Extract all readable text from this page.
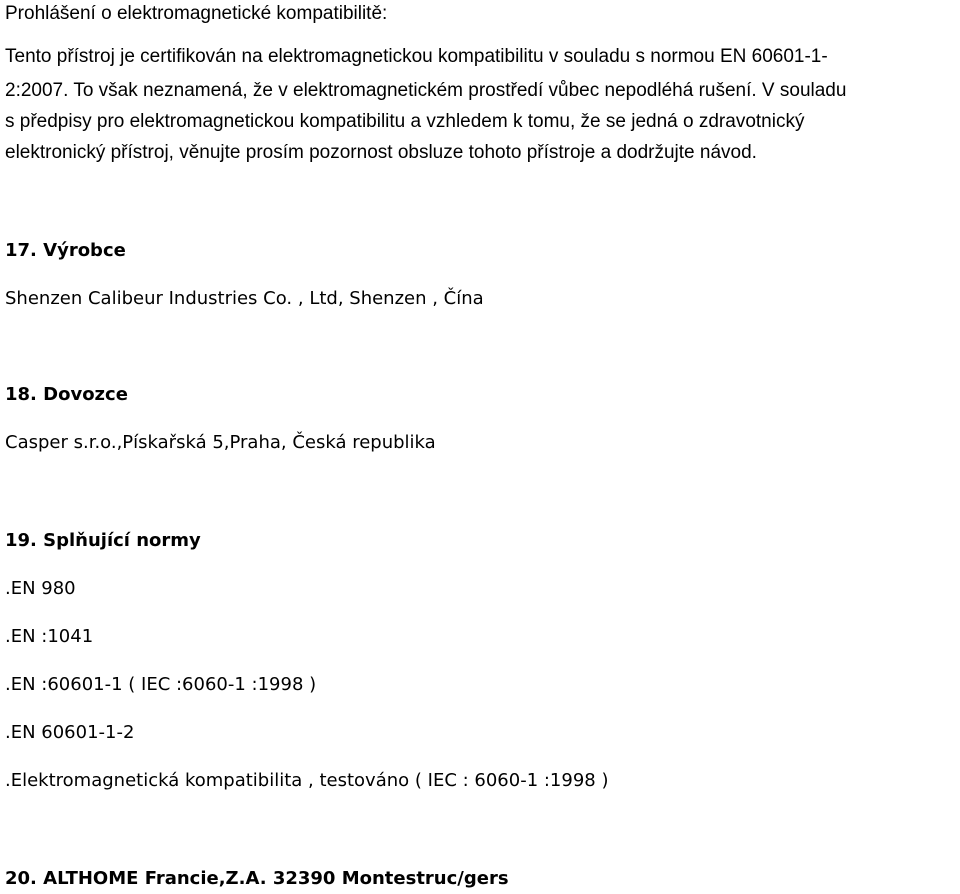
Prohlášení o elektromagnetické kompatibilitě:
Tento přístroj je certifikován na elektromagnetickou kompatibilitu v souladu s normou EN 60601-1-
2:2007. To však neznamená, že v elektromagnetickém prostředí vůbec nepodléhá rušení. V souladu
s předpisy pro elektromagnetickou kompatibilitu a vzhledem k tomu, že se jedná o zdravotnický
elektronický přístroj, věnujte prosím pozornost obsluze tohoto přístroje a dodržujte návod.
17. Výrobce
Shenzen Calibeur Industries Co. , Ltd, Shenzen , Čína
18. Dovozce
Casper s.r.o.,Pískařská 5,Praha, Česká republika
19. Splňující normy
.EN 980
.EN :1041
.EN :60601-1 ( IEC :6060-1 :1998 )
.EN 60601-1-2
.Elektromagnetická kompatibilita , testováno ( IEC : 6060-1 :1998 )
20. ALTHOME Francie,Z.A. 32390 Montestruc/gers
